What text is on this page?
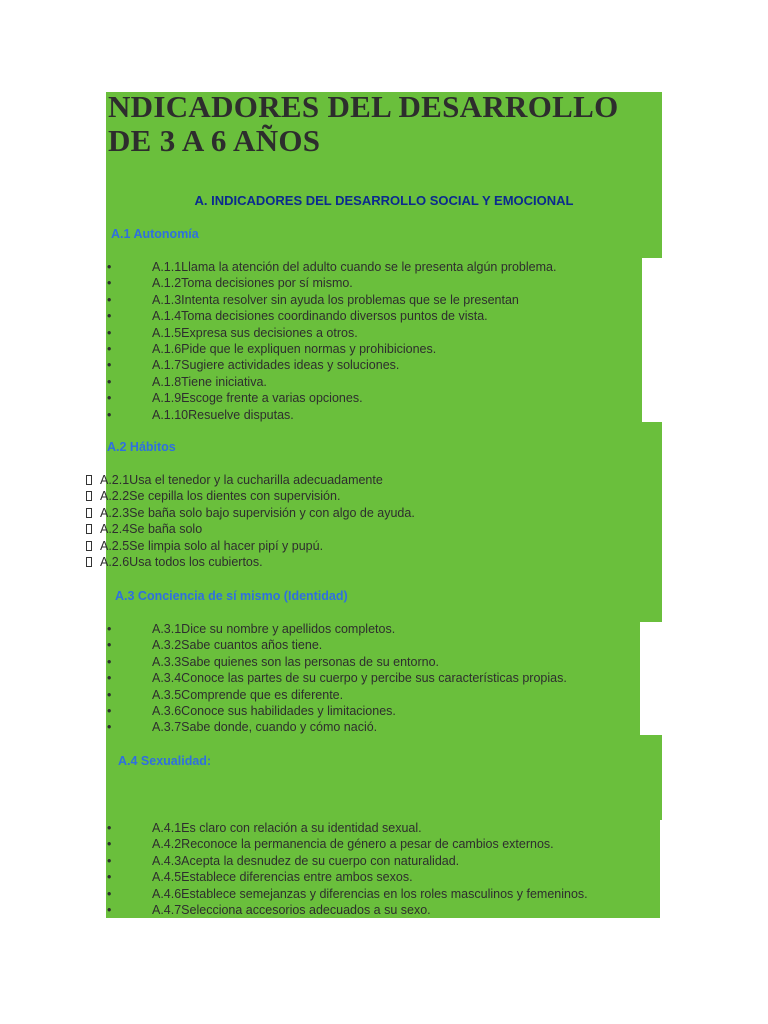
NDICADORES DEL DESARROLLO
DE 3 A 6 AÑOS
A. INDICADORES DEL DESARROLLO SOCIAL Y EMOCIONAL
A.1 Autonomía
•	A.1.1Llama la atención del adulto cuando se le presenta algún problema.
•	A.1.2Toma decisiones por sí mismo.
•	A.1.3Intenta resolver sin ayuda los problemas que se le presentan
•	A.1.4Toma decisiones coordinando diversos puntos de vista.
•	A.1.5Expresa sus decisiones a otros.
•	A.1.6Pide que le expliquen normas y prohibiciones.
•	A.1.7Sugiere actividades ideas y soluciones.
•	A.1.8Tiene iniciativa.
•	A.1.9Escoge frente a varias opciones.
•	A.1.10Resuelve disputas.
A.2 Hábitos
A.2.1Usa el tenedor y la cucharilla adecuadamente
A.2.2Se cepilla los dientes con supervisión.
A.2.3Se baña solo bajo supervisión y con algo de ayuda.
A.2.4Se baña solo
A.2.5Se limpia solo al hacer pipí y pupú.
A.2.6Usa todos los cubiertos.
A.3 Conciencia de sí mismo (Identidad)
•	A.3.1Dice su nombre y apellidos completos.
•	A.3.2Sabe cuantos años tiene.
•	A.3.3Sabe quienes son las personas de su entorno.
•	A.3.4Conoce las partes de su cuerpo y percibe sus características propias.
•	A.3.5Comprende que es diferente.
•	A.3.6Conoce sus habilidades y limitaciones.
•	A.3.7Sabe donde, cuando y cómo nació.
A.4 Sexualidad:
•	A.4.1Es claro con relación a su identidad sexual.
•	A.4.2Reconoce la permanencia de género a pesar de cambios externos.
•	A.4.3Acepta la desnudez de su cuerpo con naturalidad.
•	A.4.5Establece diferencias entre ambos sexos.
•	A.4.6Establece semejanzas y diferencias en los roles masculinos y femeninos.
•	A.4.7Selecciona accesorios adecuados a su sexo.
